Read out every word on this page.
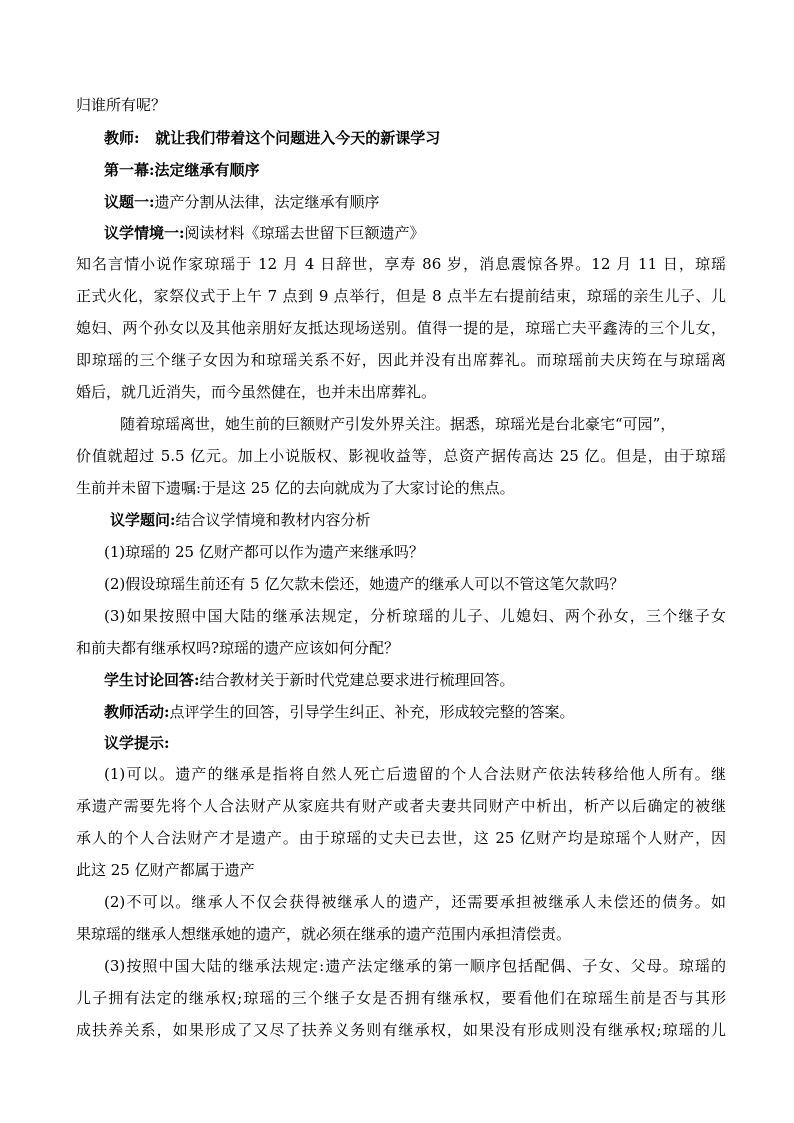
归谁所有呢？
教师: 就让我们带着这个问题进入今天的新课学习
第一幕:法定继承有顺序
议题一:遗产分割从法律，法定继承有顺序
议学情境一:阅读材料《琼瑶去世留下巨额遗产》
知名言情小说作家琼瑶于 12 月 4 日辞世，享寿 86 岁，消息震惊各界。12 月 11 日，琼瑶
正式火化，家祭仪式于上午 7 点到 9 点举行，但是 8 点半左右提前结束，琼瑶的亲生儿子、儿
媳妇、两个孙女以及其他亲朋好友抵达现场送别。值得一提的是，琼瑶亡夫平鑫涛的三个儿女，
即琼瑶的三个继子女因为和琼瑶关系不好，因此并没有出席葬礼。而琼瑶前夫庆筠在与琼瑶离
婚后，就几近消失，而今虽然健在，也并未出席葬礼。
随着琼瑶离世，她生前的巨额财产引发外界关注。据悉，琼瑶光是台北豪宅“可园”，
价值就超过 5.5 亿元。加上小说版权、影视收益等，总资产据传高达 25 亿。但是，由于琼瑶
生前并未留下遗嘱:于是这 25 亿的去向就成为了大家讨论的焦点。
议学题问:结合议学情境和教材内容分析
(1)琼瑶的 25 亿财产都可以作为遗产来继承吗？
(2)假设琼瑶生前还有 5 亿欠款未偿还，她遗产的继承人可以不管这笔欠款吗？
(3)如果按照中国大陆的继承法规定，分析琼瑶的儿子、儿媳妇、两个孙女，三个继子女
和前夫都有继承权吗?琼瑶的遗产应该如何分配？
学生讨论回答:结合教材关于新时代党建总要求进行梳理回答。
教师活动:点评学生的回答，引导学生纠正、补充，形成较完整的答案。
议学提示:
(1)可以。遗产的继承是指将自然人死亡后遗留的个人合法财产依法转移给他人所有。继
承遗产需要先将个人合法财产从家庭共有财产或者夫妻共同财产中析出，析产以后确定的被继
承人的个人合法财产才是遗产。由于琼瑶的丈夫已去世，这 25 亿财产均是琼瑶个人财产，因
此这 25 亿财产都属于遗产
(2)不可以。继承人不仅会获得被继承人的遗产，还需要承担被继承人未偿还的债务。如
果琼瑶的继承人想继承她的遗产，就必须在继承的遗产范围内承担清偿责。
(3)按照中国大陆的继承法规定:遗产法定继承的第一顺序包括配偶、子女、父母。琼瑶的
儿子拥有法定的继承权;琼瑶的三个继子女是否拥有继承权，要看他们在琼瑶生前是否与其形
成扶养关系，如果形成了又尽了扶养义务则有继承权，如果没有形成则没有继承权;琼瑶的儿
